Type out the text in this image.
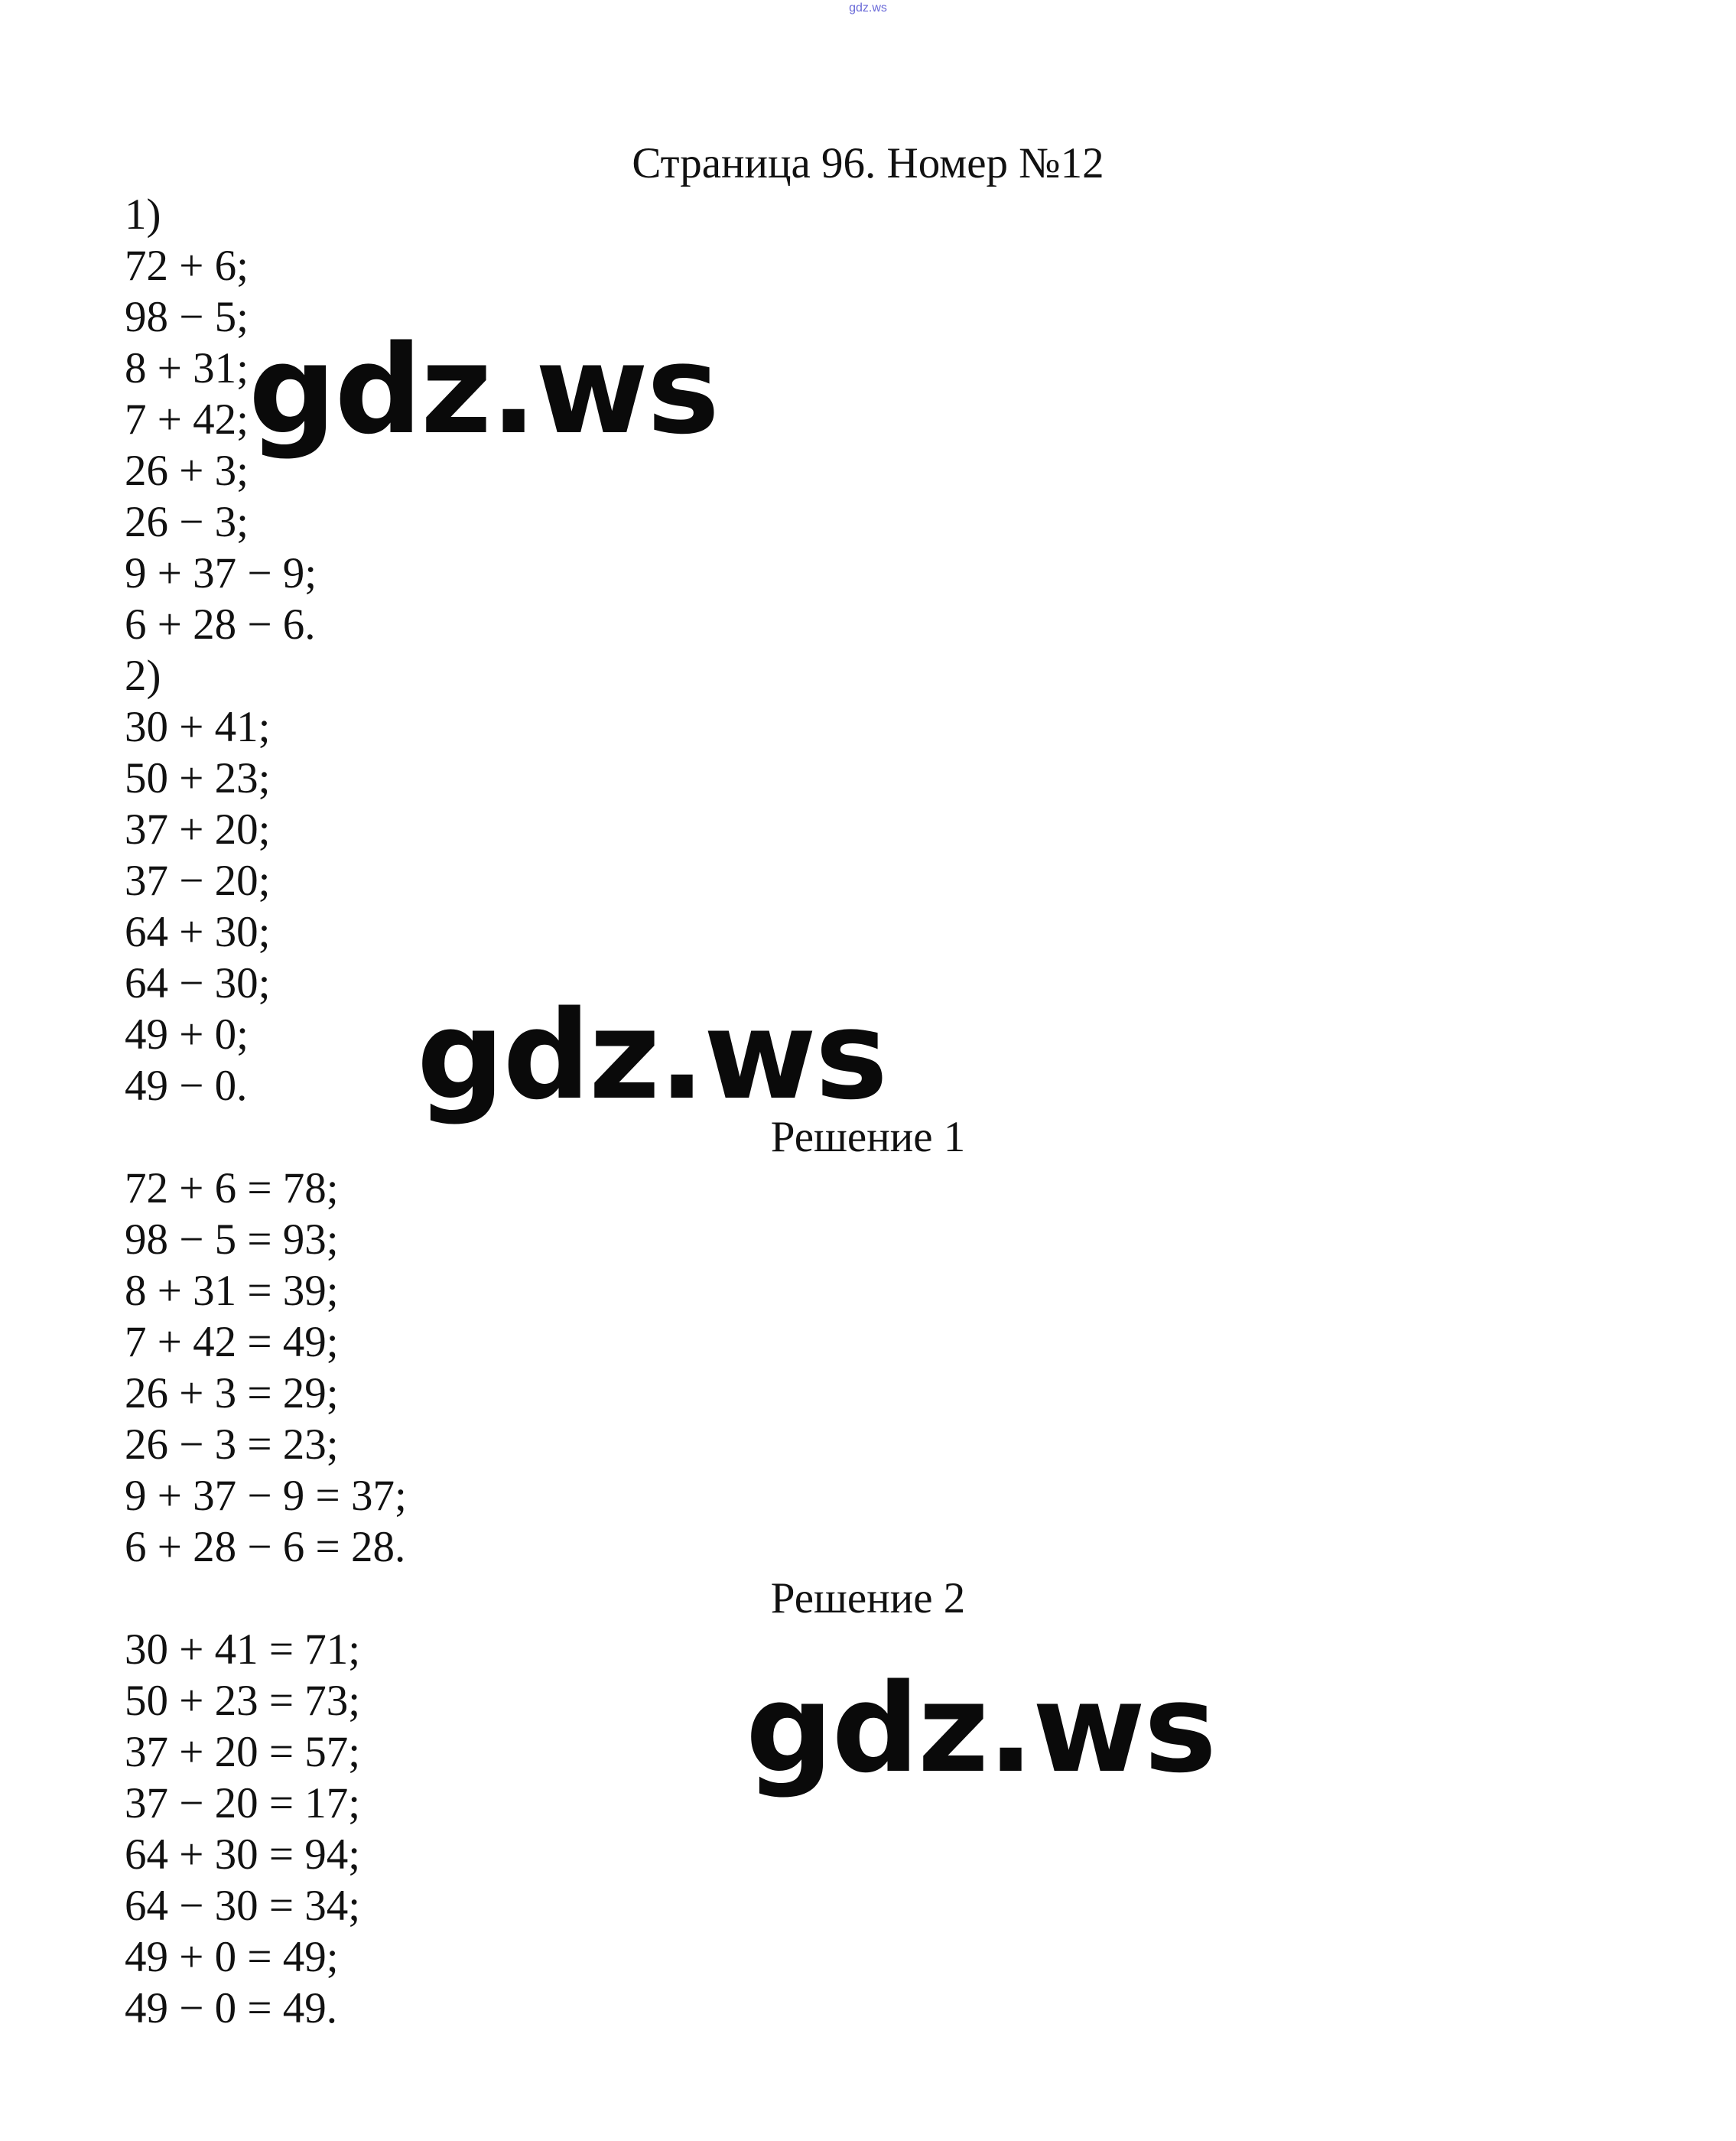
gdz.ws
Страница 96. Номер №12
1)
72 + 6;
98 − 5;
8 + 31;
7 + 42;
26 + 3;
26 − 3;
9 + 37 − 9;
6 + 28 − 6.
2)
30 + 41;
50 + 23;
37 + 20;
37 − 20;
64 + 30;
64 − 30;
49 + 0;
49 − 0.
Решение 1
72 + 6 = 78;
98 − 5 = 93;
8 + 31 = 39;
7 + 42 = 49;
26 + 3 = 29;
26 − 3 = 23;
9 + 37 − 9 = 37;
6 + 28 − 6 = 28.
Решение 2
30 + 41 = 71;
50 + 23 = 73;
37 + 20 = 57;
37 − 20 = 17;
64 + 30 = 94;
64 − 30 = 34;
49 + 0 = 49;
49 − 0 = 49.
gdz.ws
gdz.ws
gdz.ws
